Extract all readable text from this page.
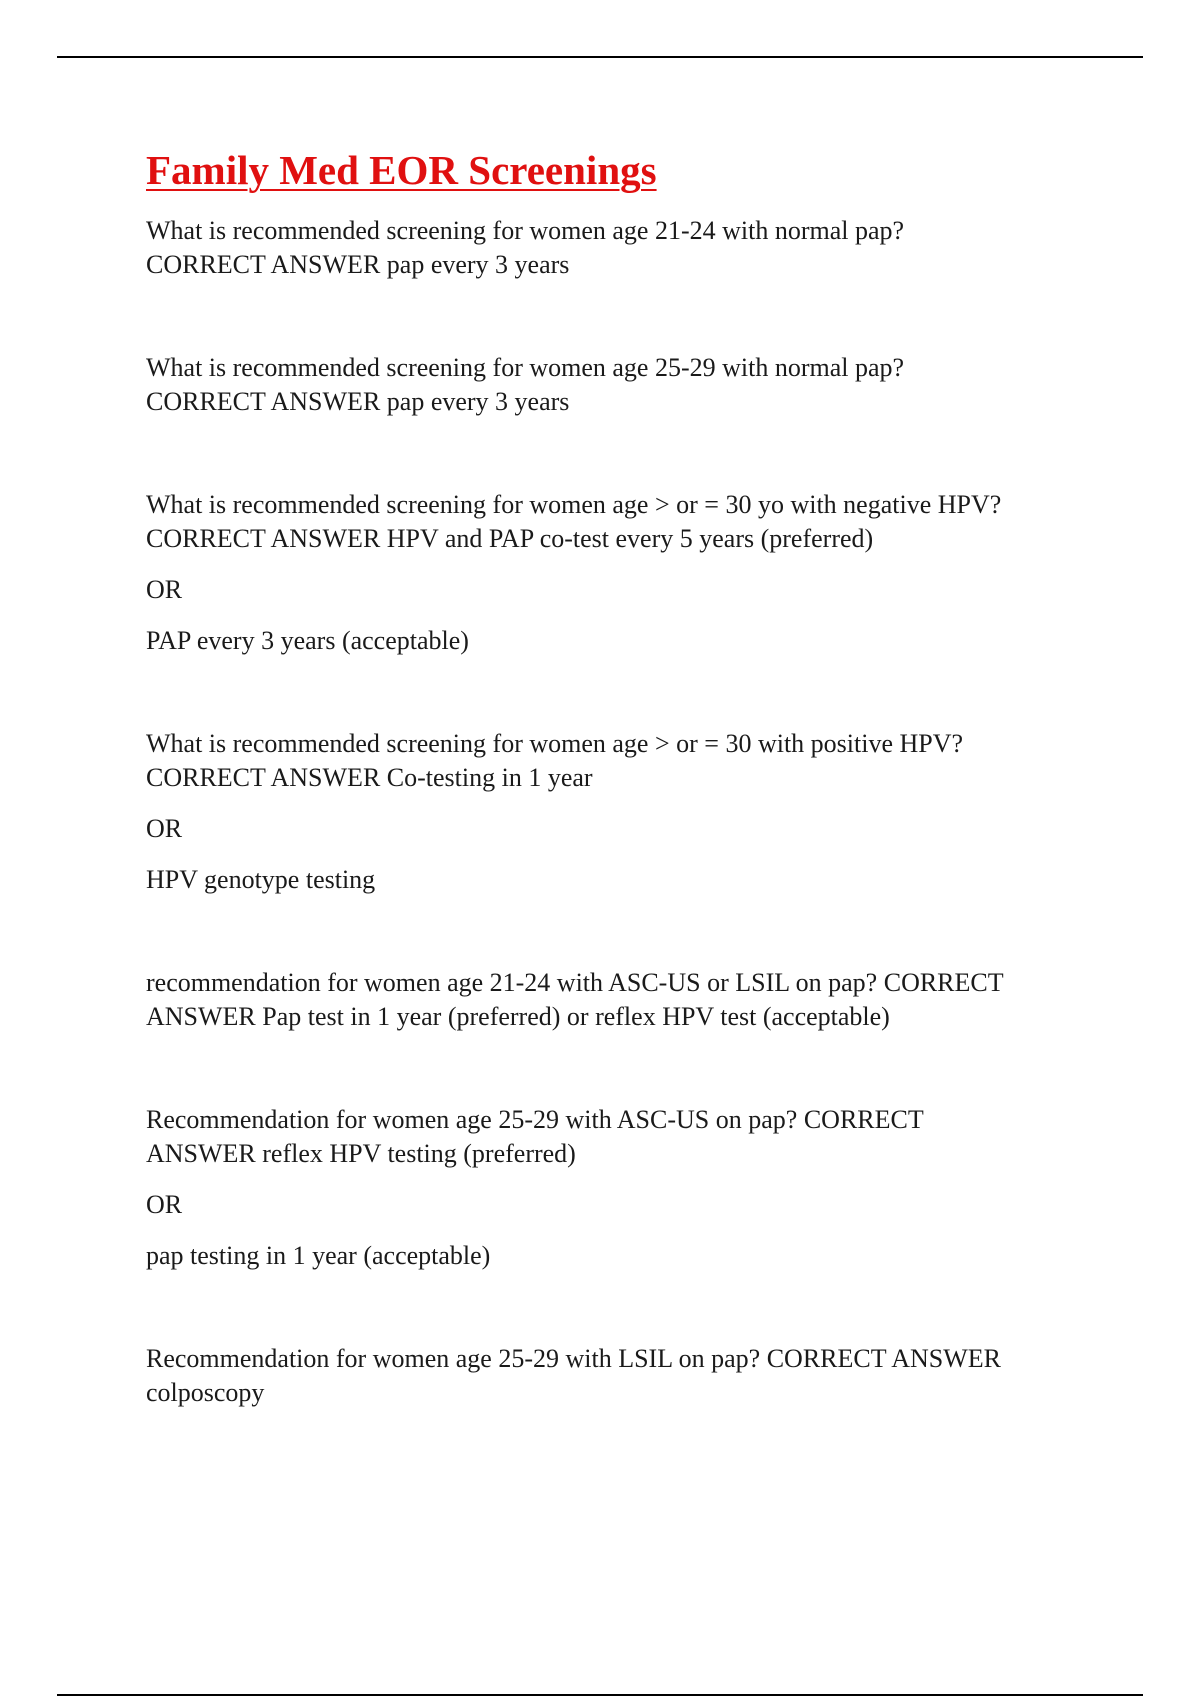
Family Med EOR Screenings

What is recommended screening for women age 21-24 with normal pap?

CORRECT ANSWER pap every 3 years

What is recommended screening for women age 25-29 with normal pap?

CORRECT ANSWER pap every 3 years

What is recommended screening for women age > or = 30 yo with negative HPV?

CORRECT ANSWER HPV and PAP co-test every 5 years (preferred)

OR

PAP every 3 years (acceptable)

What is recommended screening for women age > or = 30 with positive HPV?

CORRECT ANSWER Co-testing in 1 year

OR

HPV genotype testing

recommendation for women age 21-24 with ASC-US or LSIL on pap? CORRECT

ANSWER Pap test in 1 year (preferred) or reflex HPV test (acceptable)

Recommendation for women age 25-29 with ASC-US on pap? CORRECT

ANSWER reflex HPV testing (preferred)

OR

pap testing in 1 year (acceptable)

Recommendation for women age 25-29 with LSIL on pap? CORRECT ANSWER

colposcopy
